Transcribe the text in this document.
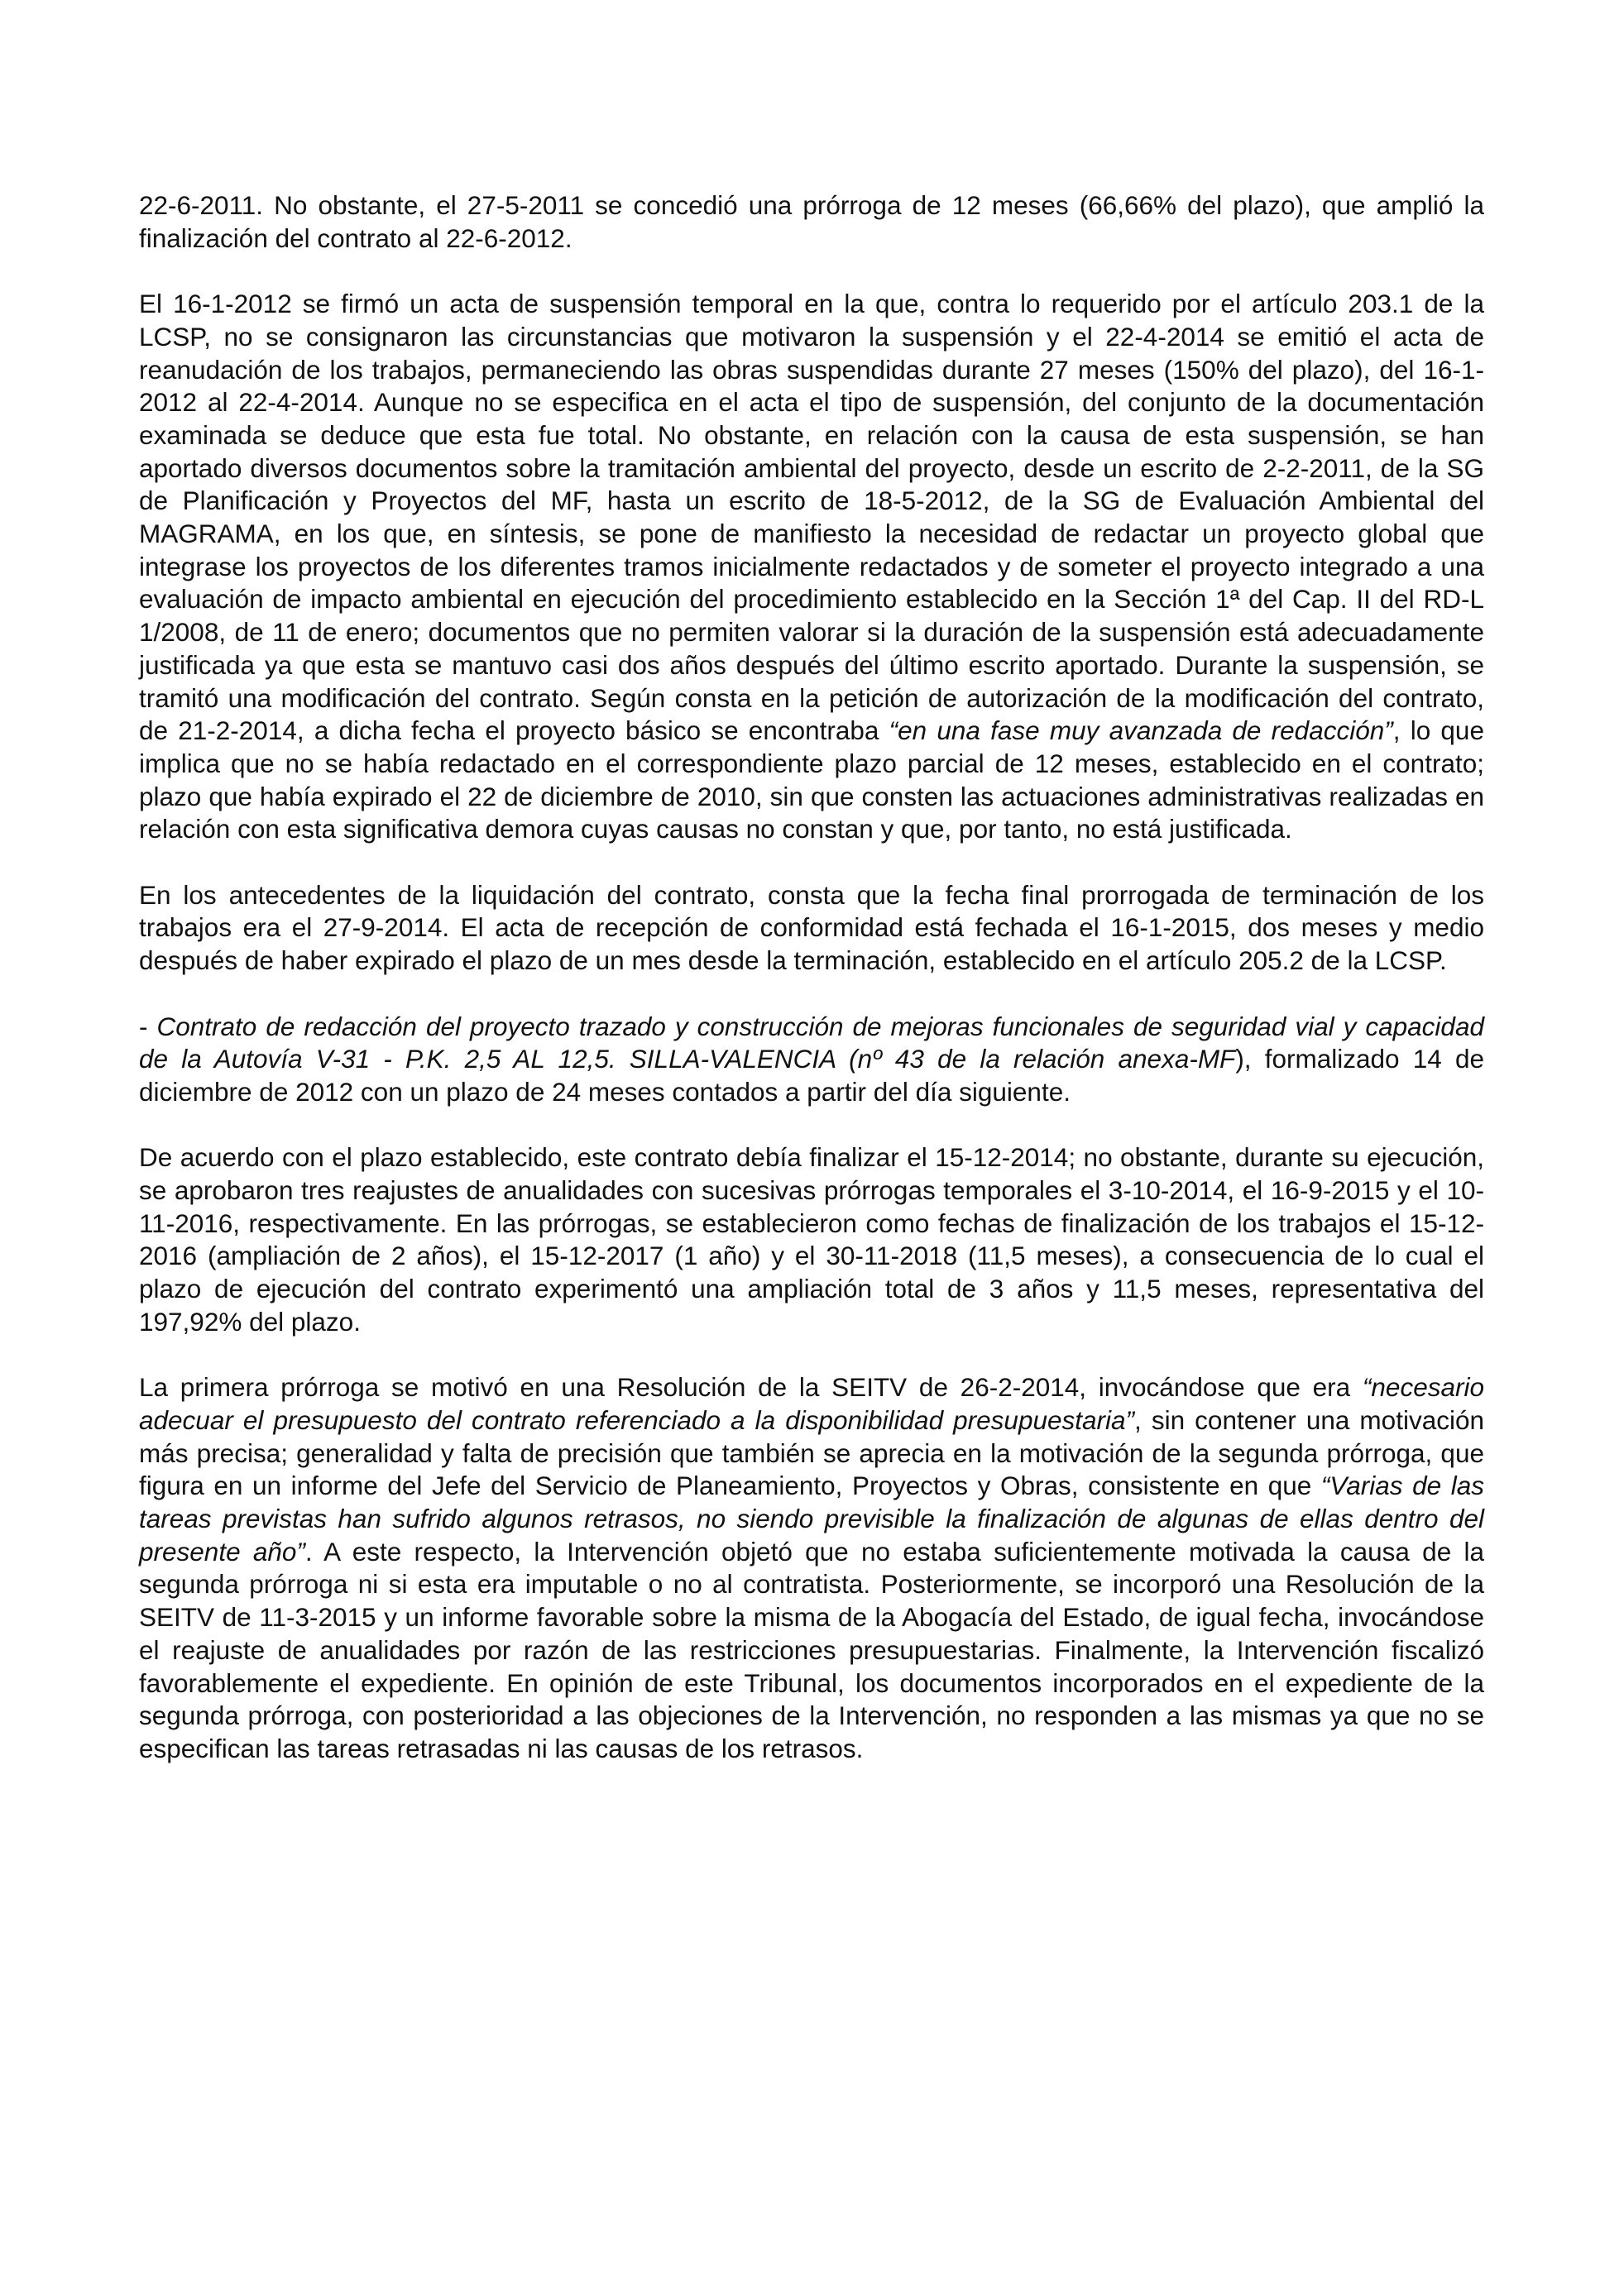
22-6-2011. No obstante, el 27-5-2011 se concedió una prórroga de 12 meses (66,66% del plazo), que amplió la finalización del contrato al 22-6-2012.

El 16-1-2012 se firmó un acta de suspensión temporal en la que, contra lo requerido por el artículo 203.1 de la LCSP, no se consignaron las circunstancias que motivaron la suspensión y el 22-4-2014 se emitió el acta de reanudación de los trabajos, permaneciendo las obras suspendidas durante 27 meses (150% del plazo), del 16-1-2012 al 22-4-2014. Aunque no se especifica en el acta el tipo de suspensión, del conjunto de la documentación examinada se deduce que esta fue total. No obstante, en relación con la causa de esta suspensión, se han aportado diversos documentos sobre la tramitación ambiental del proyecto, desde un escrito de 2-2-2011, de la SG de Planificación y Proyectos del MF, hasta un escrito de 18-5-2012, de la SG de Evaluación Ambiental del MAGRAMA, en los que, en síntesis, se pone de manifiesto la necesidad de redactar un proyecto global que integrase los proyectos de los diferentes tramos inicialmente redactados y de someter el proyecto integrado a una evaluación de impacto ambiental en ejecución del procedimiento establecido en la Sección 1ª del Cap. II del RD-L 1/2008, de 11 de enero; documentos que no permiten valorar si la duración de la suspensión está adecuadamente justificada ya que esta se mantuvo casi dos años después del último escrito aportado. Durante la suspensión, se tramitó una modificación del contrato. Según consta en la petición de autorización de la modificación del contrato, de 21-2-2014, a dicha fecha el proyecto básico se encontraba “en una fase muy avanzada de redacción”, lo que implica que no se había redactado en el correspondiente plazo parcial de 12 meses, establecido en el contrato; plazo que había expirado el 22 de diciembre de 2010, sin que consten las actuaciones administrativas realizadas en relación con esta significativa demora cuyas causas no constan y que, por tanto, no está justificada.

En los antecedentes de la liquidación del contrato, consta que la fecha final prorrogada de terminación de los trabajos era el 27-9-2014. El acta de recepción de conformidad está fechada el 16-1-2015, dos meses y medio después de haber expirado el plazo de un mes desde la terminación, establecido en el artículo 205.2 de la LCSP.

- Contrato de redacción del proyecto trazado y construcción de mejoras funcionales de seguridad vial y capacidad de la Autovía V-31 - P.K. 2,5 AL 12,5. SILLA-VALENCIA (nº 43 de la relación anexa-MF), formalizado 14 de diciembre de 2012 con un plazo de 24 meses contados a partir del día siguiente.

De acuerdo con el plazo establecido, este contrato debía finalizar el 15-12-2014; no obstante, durante su ejecución, se aprobaron tres reajustes de anualidades con sucesivas prórrogas temporales el 3-10-2014, el 16-9-2015 y el 10-11-2016, respectivamente. En las prórrogas, se establecieron como fechas de finalización de los trabajos el 15-12-2016 (ampliación de 2 años), el 15-12-2017 (1 año) y el 30-11-2018 (11,5 meses), a consecuencia de lo cual el plazo de ejecución del contrato experimentó una ampliación total de 3 años y 11,5 meses, representativa del 197,92% del plazo.

La primera prórroga se motivó en una Resolución de la SEITV de 26-2-2014, invocándose que era “necesario adecuar el presupuesto del contrato referenciado a la disponibilidad presupuestaria”, sin contener una motivación más precisa; generalidad y falta de precisión que también se aprecia en la motivación de la segunda prórroga, que figura en un informe del Jefe del Servicio de Planeamiento, Proyectos y Obras, consistente en que “Varias de las tareas previstas han sufrido algunos retrasos, no siendo previsible la finalización de algunas de ellas dentro del presente año”. A este respecto, la Intervención objetó que no estaba suficientemente motivada la causa de la segunda prórroga ni si esta era imputable o no al contratista. Posteriormente, se incorporó una Resolución de la SEITV de 11-3-2015 y un informe favorable sobre la misma de la Abogacía del Estado, de igual fecha, invocándose el reajuste de anualidades por razón de las restricciones presupuestarias. Finalmente, la Intervención fiscalizó favorablemente el expediente. En opinión de este Tribunal, los documentos incorporados en el expediente de la segunda prórroga, con posterioridad a las objeciones de la Intervención, no responden a las mismas ya que no se especifican las tareas retrasadas ni las causas de los retrasos.
